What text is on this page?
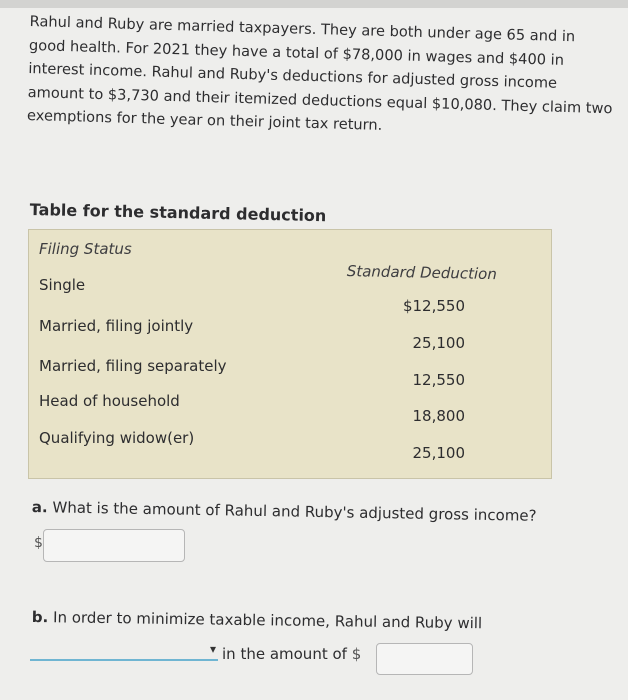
Rahul and Ruby are married taxpayers. They are both under age 65 and in good health. For 2021 they have a total of $78,000 in wages and $400 in interest income. Rahul and Ruby's deductions for adjusted gross income amount to $3,730 and their itemized deductions equal $10,080. They claim two exemptions for the year on their joint tax return.
Table for the standard deduction
Filing Status
Standard Deduction
Single
$12,550
Married, filing jointly
25,100
Married, filing separately
12,550
Head of household
18,800
Qualifying widow(er)
25,100
a. What is the amount of Rahul and Ruby's adjusted gross income?
$
b. In order to minimize taxable income, Rahul and Ruby will
▾ in the amount of $
